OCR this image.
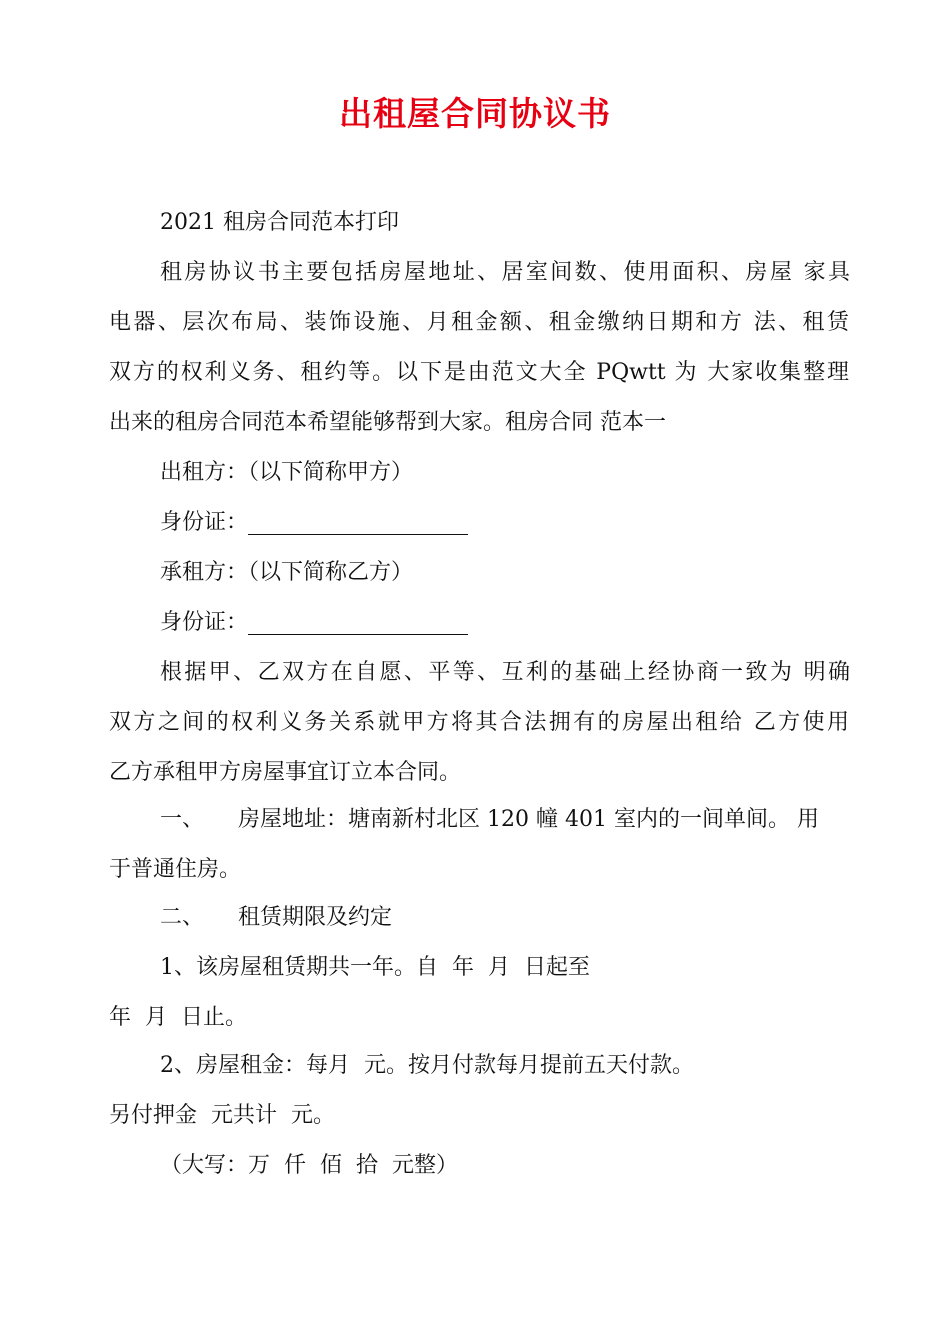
出租屋合同协议书
2021 租房合同范本打印
租房协议书主要包括房屋地址、居室间数、使用面积、房屋 家具
电器、层次布局、装饰设施、月租金额、租金缴纳日期和方 法、租赁
双方的权利义务、租约等。以下是由范文大全 PQwtt 为 大家收集整理
出来的租房合同范本希望能够帮到大家。租房合同 范本一
出租方：（以下简称甲方）
身份证：
承租方：（以下简称乙方）
身份证：
根据甲、乙双方在自愿、平等、互利的基础上经协商一致为 明确
双方之间的权利义务关系就甲方将其合法拥有的房屋出租给 乙方使用
乙方承租甲方房屋事宜订立本合同。
一、 房屋地址：塘南新村北区 120 幢 401 室内的一间单间。 用
于普通住房。
二、 租赁期限及约定
1、该房屋租赁期共一年。自  年  月  日起至
年  月  日止。
2、房屋租金：每月  元。按月付款每月提前五天付款。
另付押金  元共计  元。
（大写：万  仟  佰  拾  元整）
